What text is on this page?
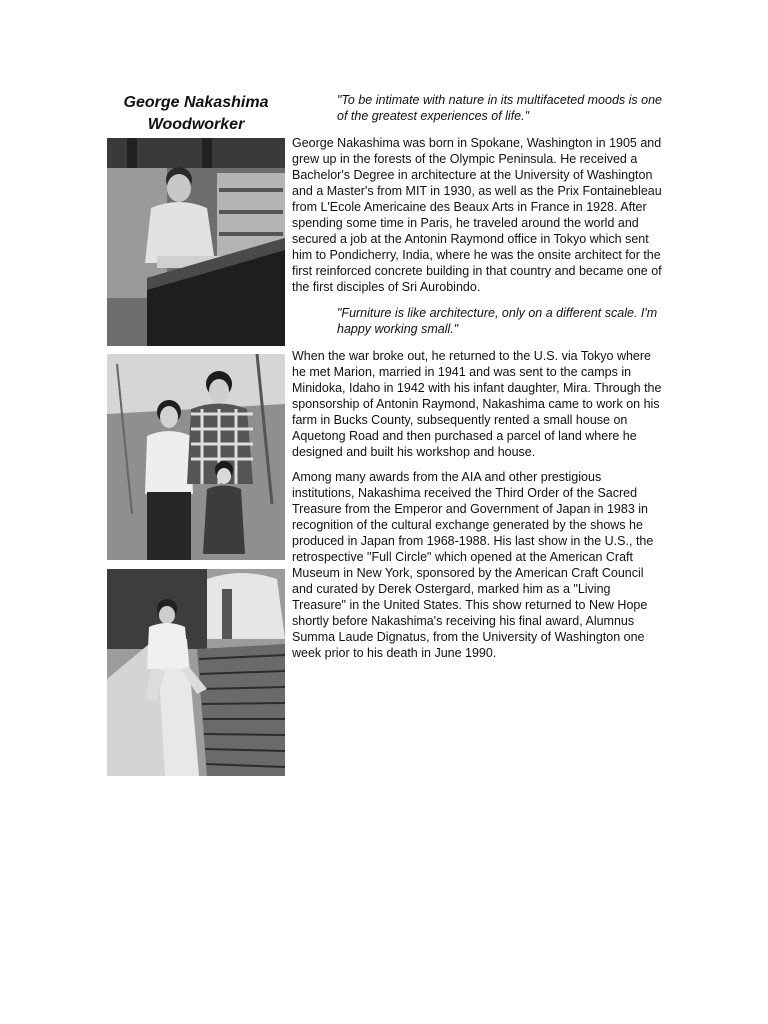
George Nakashima
Woodworker

"To be intimate with nature in its multifaceted moods is one of the greatest experiences of life."

George Nakashima was born in Spokane, Washington in 1905 and grew up in the forests of the Olympic Peninsula. He received a Bachelor's Degree in architecture at the University of Washington and a Master's from MIT in 1930, as well as the Prix Fontainebleau from L'Ecole Americaine des Beaux Arts in France in 1928. After spending some time in Paris, he traveled around the world and secured a job at the Antonin Raymond office in Tokyo which sent him to Pondicherry, India, where he was the onsite architect for the first reinforced concrete building in that country and became one of the first disciples of Sri Aurobindo.

"Furniture is like architecture, only on a different scale. I'm happy working small."

When the war broke out, he returned to the U.S. via Tokyo where he met Marion, married in 1941 and was sent to the camps in Minidoka, Idaho in 1942 with his infant daughter, Mira. Through the sponsorship of Antonin Raymond, Nakashima came to work on his farm in Bucks County, subsequently rented a small house on Aquetong Road and then purchased a parcel of land where he designed and built his workshop and house.

Among many awards from the AIA and other prestigious institutions, Nakashima received the Third Order of the Sacred Treasure from the Emperor and Government of Japan in 1983 in recognition of the cultural exchange generated by the shows he produced in Japan from 1968-1988. His last show in the U.S., the retrospective "Full Circle" which opened at the American Craft Museum in New York, sponsored by the American Craft Council and curated by Derek Ostergard, marked him as a "Living Treasure" in the United States. This show returned to New Hope shortly before Nakashima's receiving his final award, Alumnus Summa Laude Dignatus, from the University of Washington one week prior to his death in June 1990.
